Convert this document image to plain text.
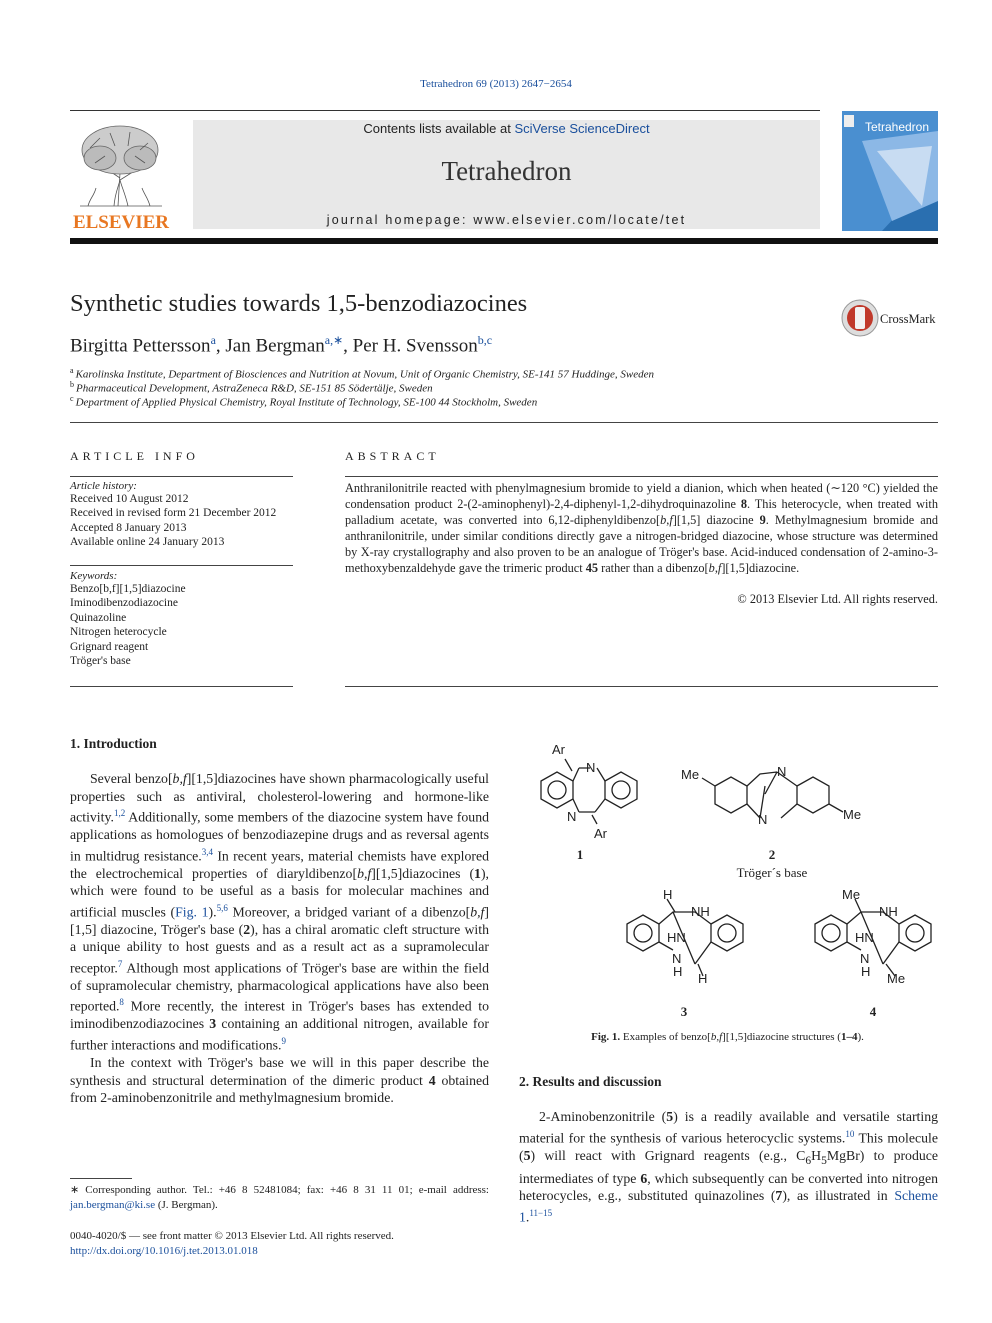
Tetrahedron 69 (2013) 2647−2654
ELSEVIER
Contents lists available at SciVerse ScienceDirect
Tetrahedron
journal homepage: www.elsevier.com/locate/tet
Tetrahedron
Synthetic studies towards 1,5-benzodiazocines
CrossMark
Birgitta Pettersson$^a$, Jan Bergman$^{a,∗}$, Per H. Svensson$^{b,c}$
$^a$ Karolinska Institute, Department of Biosciences and Nutrition at Novum, Unit of Organic Chemistry, SE-141 57 Huddinge, Sweden
$^b$ Pharmaceutical Development, AstraZeneca R&D, SE-151 85 Södertälje, Sweden
$^c$ Department of Applied Physical Chemistry, Royal Institute of Technology, SE-100 44 Stockholm, Sweden
ARTICLE INFO
Article history:
Received 10 August 2012
Received in revised form 21 December 2012
Accepted 8 January 2013
Available online 24 January 2013
Keywords:
Benzo[b,f][1,5]diazocine
Iminodibenzodiazocine
Quinazoline
Nitrogen heterocycle
Grignard reagent
Tröger's base
ABSTRACT
Anthranilonitrile reacted with phenylmagnesium bromide to yield a dianion, which when heated (∼120 °C) yielded the condensation product 2-(2-aminophenyl)-2,4-diphenyl-1,2-dihydroquinazoline 8. This heterocycle, when treated with palladium acetate, was converted into 6,12-diphenyldibenzo[b,f][1,5] diazocine 9. Methylmagnesium bromide and anthranilonitrile, under similar conditions directly gave a nitrogen-bridged diazocine, whose structure was determined by X-ray crystallography and also proven to be an analogue of Tröger's base. Acid-induced condensation of 2-amino-3-methoxybenzaldehyde gave the trimeric product 45 rather than a dibenzo[b,f][1,5]diazocine.
© 2013 Elsevier Ltd. All rights reserved.
1. Introduction

Several benzo[b,f][1,5]diazocines have shown pharmacologically useful properties such as antiviral, cholesterol-lowering and hormone-like activity.$^{1,2}$ Additionally, some members of the diazocine system have found applications as homologues of benzodiazepine drugs and as reversal agents in multidrug resistance.$^{3,4}$ In recent years, material chemists have explored the electrochemical properties of diaryldibenzo[b,f][1,5]diazocines (1), which were found to be useful as a basis for molecular machines and artificial muscles (Fig. 1).$^{5,6}$ Moreover, a bridged variant of a dibenzo[b,f][1,5] diazocine, Tröger's base (2), has a chiral aromatic cleft structure with a unique ability to host guests and as a result act as a supramolecular receptor.$^7$ Although most applications of Tröger's base are within the field of supramolecular chemistry, pharmacological applications have also been reported.$^8$ More recently, the interest in Tröger's bases has extended to iminodibenzodiazocines 3 containing an additional nitrogen, available for further interactions and modifications.$^9$

In the context with Tröger's base we will in this paper describe the synthesis and structural determination of the dimeric product 4 obtained from 2-aminobenzonitrile and methylmagnesium bromide.

Ar
N
N
Ar
Me	N
N	Me
H
NH
HN
N
H H
Me
NH
HN
N
H Me
1	2
3	4
Tröger´s base
Fig. 1. Examples of benzo[b,f][1,5]diazocine structures (1–4).
2. Results and discussion

2-Aminobenzonitrile (5) is a readily available and versatile starting material for the synthesis of various heterocyclic systems.$^{10}$ This molecule (5) will react with Grignard reagents (e.g., $C_6H_5MgBr$) to produce intermediates of type 6, which subsequently can be converted into nitrogen heterocycles, e.g., substituted quinazolines (7), as illustrated in Scheme 1.$^{11-15}$

∗ Corresponding author. Tel.: +46 8 52481084; fax: +46 8 31 11 01; e-mail address: jan.bergman@ki.se (J. Bergman).
0040-4020/$ — see front matter © 2013 Elsevier Ltd. All rights reserved.
http://dx.doi.org/10.1016/j.tet.2013.01.018
